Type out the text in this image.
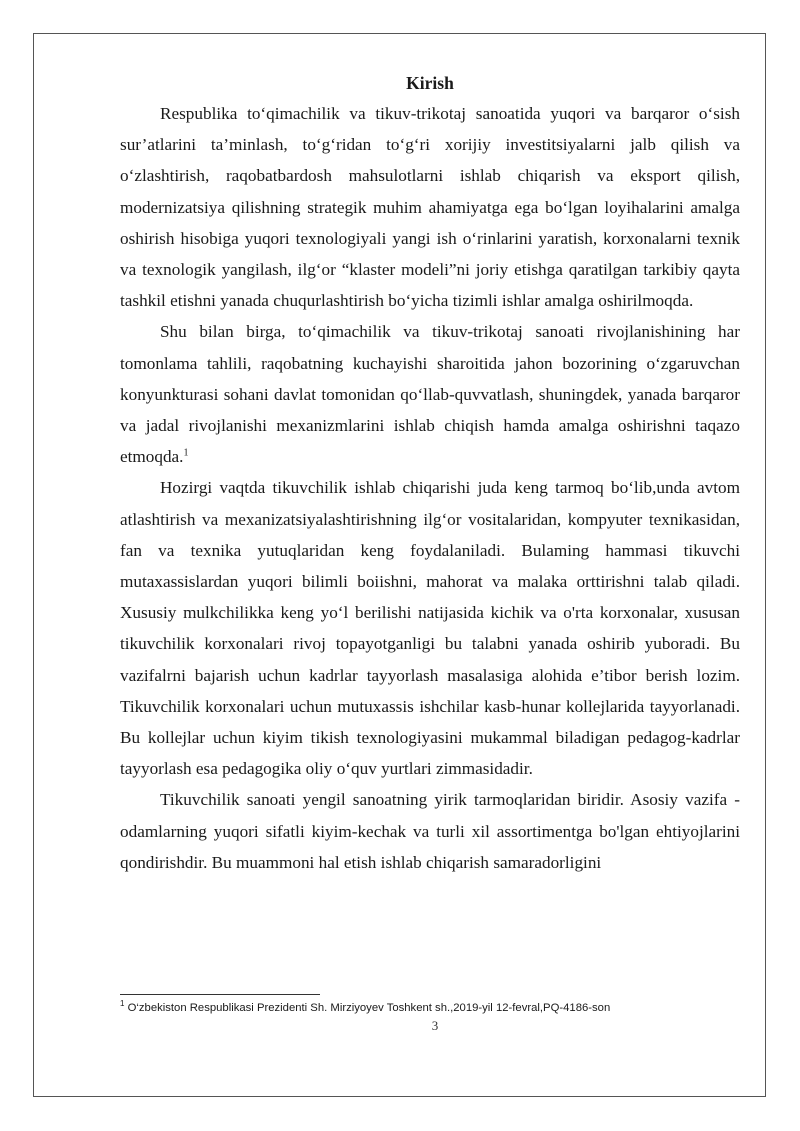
Kirish

Respublika to‘qimachilik va tikuv-trikotaj sanoatida yuqori va barqaror o‘sish sur’atlarini ta’minlash, to‘g‘ridan to‘g‘ri xorijiy investitsiyalarni jalb qilish va o‘zlashtirish, raqobatbardosh mahsulotlarni ishlab chiqarish va eksport qilish, modernizatsiya qilishning strategik muhim ahamiyatga ega bo‘lgan loyihalarini amalga oshirish hisobiga yuqori texnologiyali yangi ish o‘rinlarini yaratish, korxonalarni texnik va texnologik yangilash, ilg‘or “klaster modeli”ni joriy etishga qaratilgan tarkibiy qayta tashkil etishni yanada chuqurlashtirish bo‘yicha tizimli ishlar amalga oshirilmoqda.

Shu bilan birga, to‘qimachilik va tikuv-trikotaj sanoati rivojlanishining har tomonlama tahlili, raqobatning kuchayishi sharoitida jahon bozorining o‘zgaruvchan konyunkturasi sohani davlat tomonidan qo‘llab-quvvatlash, shuningdek, yanada barqaror va jadal rivojlanishi mexanizmlarini ishlab chiqish hamda amalga oshirishni taqazo etmoqda.$^1$

Hozirgi vaqtda tikuvchilik ishlab chiqarishi juda keng tarmoq bo‘lib,unda avtom atlashtirish va mexanizatsiyalashtirishning ilg‘or vositalaridan, kompyuter texnikasidan, fan va texnika yutuqlaridan keng foydalaniladi. Bulaming hammasi tikuvchi mutaxassislardan yuqori bilimli boiishni, mahorat va malaka orttirishni talab qiladi. Xususiy mulkchilikka keng yo‘l berilishi natijasida kichik va o'rta korxonalar, xususan tikuvchilik korxonalari rivoj topayotganligi bu talabni yanada oshirib yuboradi. Bu vazifalrni bajarish uchun kadrlar tayyorlash masalasiga alohida e’tibor berish lozim. Tikuvchilik korxonalari uchun mutuxassis ishchilar kasb-hunar kollejlarida tayyorlanadi. Bu kollejlar uchun kiyim tikish texnologiyasini mukammal biladigan pedagog-kadrlar tayyorlash esa pedagogika oliy o‘quv yurtlari zimmasidadir.

Tikuvchilik sanoati yengil sanoatning yirik tarmoqlaridan biridir. Asosiy vazifa - odamlarning yuqori sifatli kiyim-kechak va turli xil assortimentga bo'lgan ehtiyojlarini qondirishdir. Bu muammoni hal etish ishlab chiqarish samaradorligini

$^1$ O‘zbekiston Respublikasi Prezidenti Sh. Mirziyoyev Toshkent sh.,2019-yil 12-fevral,PQ-4186-son
3
